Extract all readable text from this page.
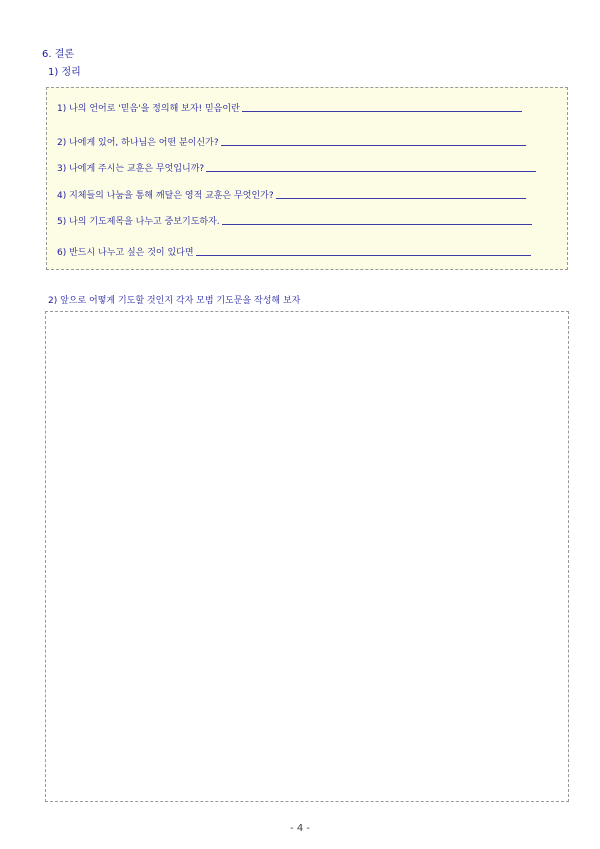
6. 결론
1) 정리
1) 나의 언어로 '믿음'을 정의해 보자! 믿음이란
2) 나에게 있어, 하나님은 어떤 분이신가?
3) 나에게 주시는 교훈은 무엇입니까?
4) 지체들의 나눔을 통해 깨달은 영적 교훈은 무엇인가?
5) 나의 기도제목을 나누고 중보기도하자.
6) 반드시 나누고 싶은 것이 있다면
2) 앞으로 어떻게 기도할 것인지 각자 모범 기도문을 작성해 보자
- 4 -
